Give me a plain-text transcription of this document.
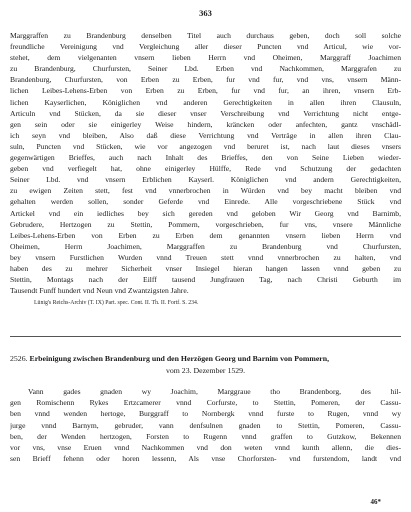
363
Marggraffen zu Brandenburg denselben Titel auch durchaus geben, doch soll solche
freundliche Vereinigung vnd Vergleichung aller dieser Puncten vnd Articul, wie vor-
stehet, dem vielgenanten vnsern lieben Herrn vnd Oheimen, Marggraff Joachimen
zu Brandenburg, Churfursten, Seiner Lbd. Erben vnd Nachkommen, Marggrafen zu
Brandenburg, Churfursten, von Erben zu Erben, fur vnd fur, vnd vns, vnsern Männ-
lichen Leibes-Lehens-Erben von Erben zu Erben, fur vnd fur, an ihren, vnsern Erb-
lichen Kayserlichen, Königlichen vnd anderen Gerechtigkeiten in allen ihren Clausuln,
Articuln vnd Stücken, da sie dieser vnser Verschreibung vnd Verrichtung nicht entge-
gen sein oder sie einigerley Weise hindern, kräncken oder anfechten, gantz vnschädl-
ich seyn vnd bleiben, Also daß diese Verrichtung vnd Verträge in allen ihren Clau-
suln, Puncten vnd Stücken, wie vor angezogen vnd beruret ist, nach laut dieses vnsers
gegenwärtigen Brieffes, auch nach Inhalt des Brieffes, den von Seine Lieben wieder-
geben vnd verfiegelt hat, ohne einigerley Hülffe, Rede vnd Schutzung der gedachten
Seiner Lbd. vnd vnsern Erblichen Kayserl. Königlichen vnd andern Gerechtigkeiten,
zu ewigen Zeiten stett, fest vnd vnnerbrochen in Würden vnd bey macht bleiben vnd
gehalten werden sollen, sonder Geferde vnd Einrede. Alle vorgeschriebene Stück vnd
Artickel vnd ein iedliches bey sich gereden vnd geloben Wir Georg vnd Barnimb,
Gebrudere, Hertzogen zu Stettin, Pommern, vorgeschrieben, fur vns, vnsere Männliche
Leibes-Lehens-Erben von Erben zu Erben dem genannten vnsern lieben Herrn vnd
Oheimen, Herrn Joachimen, Marggraffen zu Brandenburg vnd Churfursten,
bey vnsern Furstlichen Wurden vnnd Treuen stett vnnd vnnerbrochen zu halten, vnd
haben des zu mehrer Sicherheit vnser Insiegel hieran hangen lassen vnnd geben zu
Stettin, Montags nach der Eilff tausend Jungfrauen Tag, nach Christi Geburth im
Tausendt Funff hundert vnd Neun vnd Zwantzigsten Jahre.
Lünig's Reichs-Archiv (T. IX) Part. spec. Cont. II. Th. II. Fortf. S. 234.
2526. Erbeinigung zwischen Brandenburg und den Herzögen Georg und Barnim von Pommern,
vom 23. Dezember 1529.
Vann gades gnaden wy Joachim, Marggraue tho Brandenborg, des hil-
gen Romischenn Rykes Ertzcamerer vnnd Corfurste, to Stettin, Pomeren, der Cassu-
ben vnnd wenden hertoge, Burggraff to Nornbergk vnnd furste to Rugen, vnnd wy
jurge vnnd Barnym, gebruder, vann denfsulnen gnaden to Stettin, Pomeren, Cassu-
ben, der Wenden hertzogen, Forsten to Rugenn vnnd graffen to Gutzkow, Bekennen
vor vns, vnse Eruen vnnd Nachkommen vnd don weten vnnd kunth allenn, die dies-
sen Brieff fehenn oder horen lessenn, Als vnse Chorforsten- vnd furstendom, landt vnd
46*
